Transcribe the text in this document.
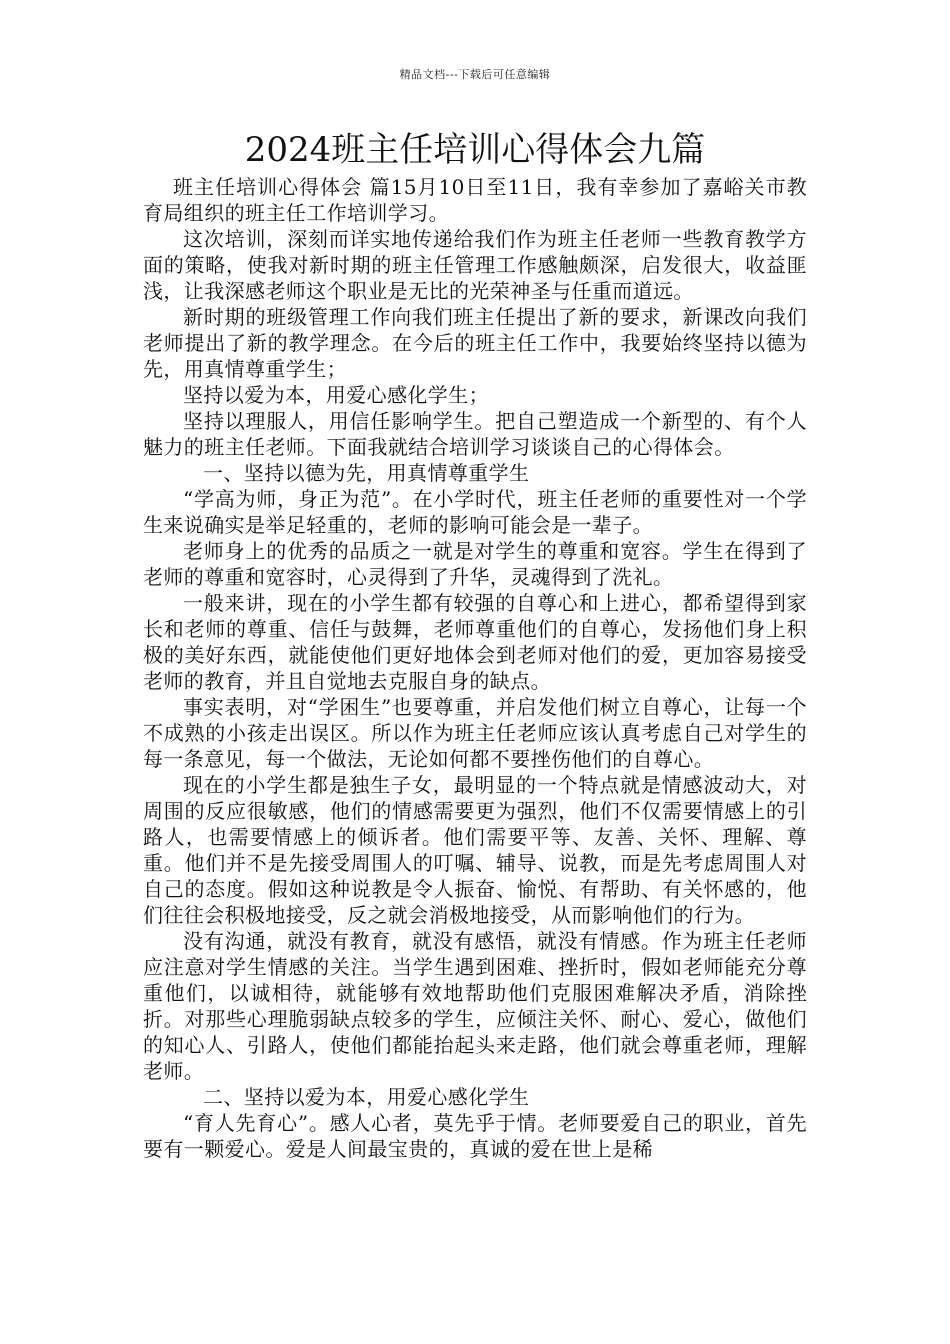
精品文档---下载后可任意编辑
2024班主任培训心得体会九篇

班主任培训心得体会 篇15月10日至11日，我有幸参加了嘉峪关市教育局组织的班主任工作培训学习。

这次培训，深刻而详实地传递给我们作为班主任老师一些教育教学方面的策略，使我对新时期的班主任管理工作感触颇深，启发很大，收益匪浅，让我深感老师这个职业是无比的光荣神圣与任重而道远。

新时期的班级管理工作向我们班主任提出了新的要求，新课改向我们老师提出了新的教学理念。在今后的班主任工作中，我要始终坚持以德为先，用真情尊重学生；

坚持以爱为本，用爱心感化学生；

坚持以理服人，用信任影响学生。把自己塑造成一个新型的、有个人魅力的班主任老师。下面我就结合培训学习谈谈自己的心得体会。

一、坚持以德为先，用真情尊重学生

“学高为师，身正为范”。在小学时代，班主任老师的重要性对一个学生来说确实是举足轻重的，老师的影响可能会是一辈子。

老师身上的优秀的品质之一就是对学生的尊重和宽容。学生在得到了老师的尊重和宽容时，心灵得到了升华，灵魂得到了洗礼。

一般来讲，现在的小学生都有较强的自尊心和上进心，都希望得到家长和老师的尊重、信任与鼓舞，老师尊重他们的自尊心，发扬他们身上积极的美好东西，就能使他们更好地体会到老师对他们的爱，更加容易接受老师的教育，并且自觉地去克服自身的缺点。

事实表明，对“学困生”也要尊重，并启发他们树立自尊心，让每一个不成熟的小孩走出误区。所以作为班主任老师应该认真考虑自己对学生的每一条意见，每一个做法，无论如何都不要挫伤他们的自尊心。

现在的小学生都是独生子女，最明显的一个特点就是情感波动大，对周围的反应很敏感，他们的情感需要更为强烈，他们不仅需要情感上的引路人，也需要情感上的倾诉者。他们需要平等、友善、关怀、理解、尊重。他们并不是先接受周围人的叮嘱、辅导、说教，而是先考虑周围人对自己的态度。假如这种说教是令人振奋、愉悦、有帮助、有关怀感的，他们往往会积极地接受，反之就会消极地接受，从而影响他们的行为。

没有沟通，就没有教育，就没有感悟，就没有情感。作为班主任老师应注意对学生情感的关注。当学生遇到困难、挫折时，假如老师能充分尊重他们，以诚相待，就能够有效地帮助他们克服困难解决矛盾，消除挫折。对那些心理脆弱缺点较多的学生，应倾注关怀、耐心、爱心，做他们的知心人、引路人，使他们都能抬起头来走路，他们就会尊重老师，理解老师。

二、坚持以爱为本，用爱心感化学生

“育人先育心”。感人心者，莫先乎于情。老师要爱自己的职业，首先要有一颗爱心。爱是人间最宝贵的，真诚的爱在世上是稀
